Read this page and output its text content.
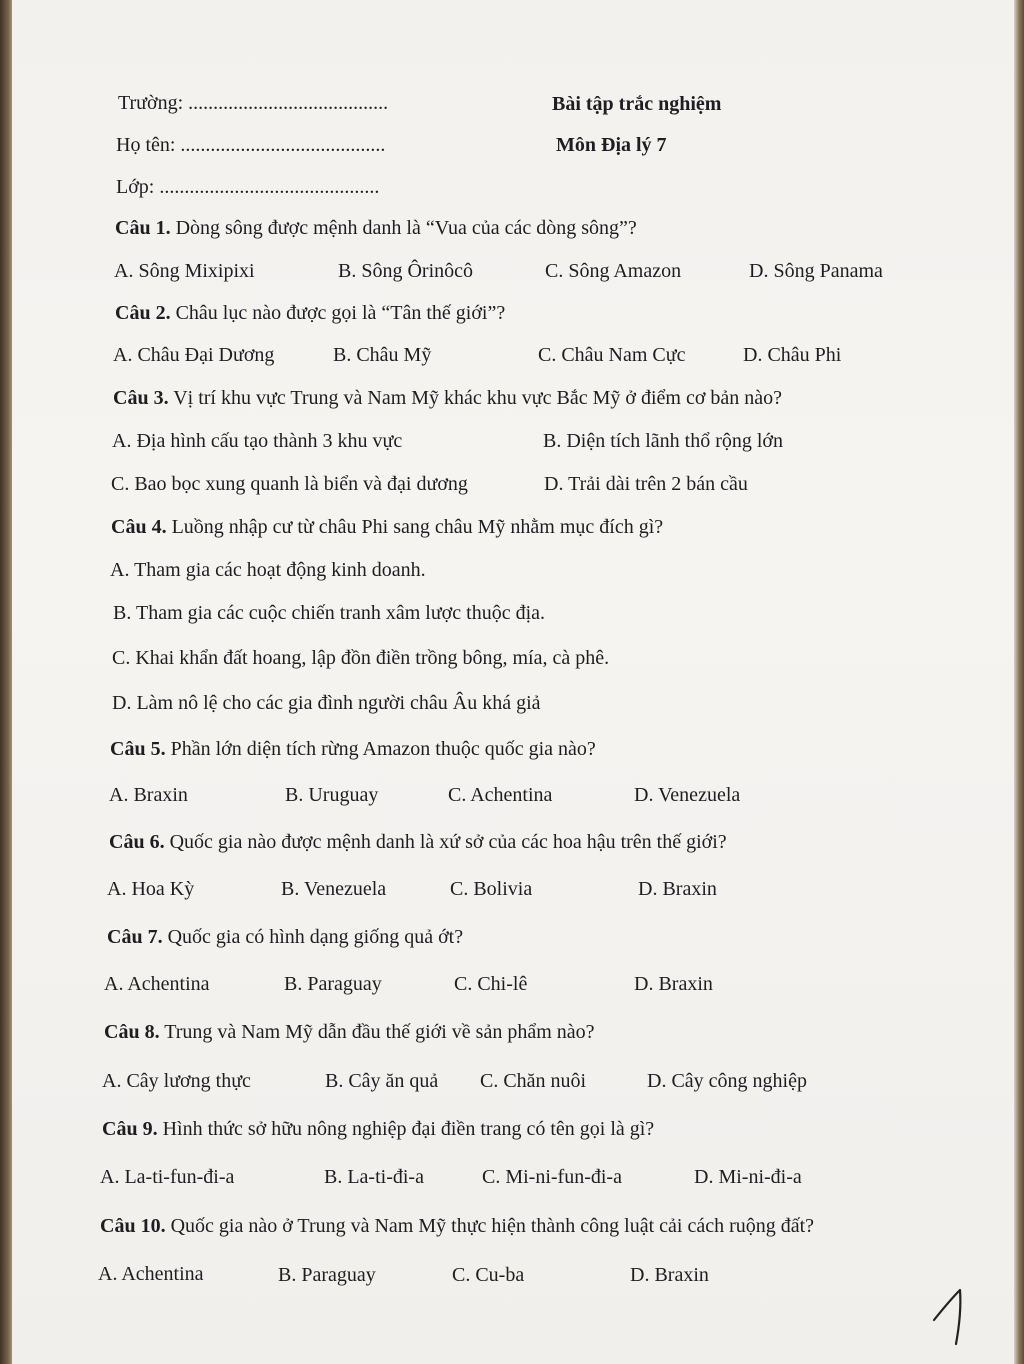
Trường: ........................................	Bài tập trắc nghiệm
Họ tên: .........................................	Môn Địa lý 7
Lớp: ............................................
Câu 1. Dòng sông được mệnh danh là “Vua của các dòng sông”?
A. Sông Mixipixi	B. Sông Ôrinôcô	C. Sông Amazon	D. Sông Panama
Câu 2. Châu lục nào được gọi là “Tân thế giới”?
A. Châu Đại Dương	B. Châu Mỹ	C. Châu Nam Cực	D. Châu Phi
Câu 3. Vị trí khu vực Trung và Nam Mỹ khác khu vực Bắc Mỹ ở điểm cơ bản nào?
A. Địa hình cấu tạo thành 3 khu vực	B. Diện tích lãnh thổ rộng lớn
C. Bao bọc xung quanh là biển và đại dương	D. Trải dài trên 2 bán cầu
Câu 4. Luồng nhập cư từ châu Phi sang châu Mỹ nhằm mục đích gì?
A. Tham gia các hoạt động kinh doanh.
B. Tham gia các cuộc chiến tranh xâm lược thuộc địa.
C. Khai khẩn đất hoang, lập đồn điền trồng bông, mía, cà phê.
D. Làm nô lệ cho các gia đình người châu Âu khá giả
Câu 5. Phần lớn diện tích rừng Amazon thuộc quốc gia nào?
A. Braxin	B. Uruguay	C. Achentina	D. Venezuela
Câu 6. Quốc gia nào được mệnh danh là xứ sở của các hoa hậu trên thế giới?
A. Hoa Kỳ	B. Venezuela	C. Bolivia	D. Braxin
Câu 7. Quốc gia có hình dạng giống quả ớt?
A. Achentina	B. Paraguay	C. Chi-lê	D. Braxin
Câu 8. Trung và Nam Mỹ dẫn đầu thế giới về sản phẩm nào?
A. Cây lương thực	B. Cây ăn quả C. Chăn nuôi	D. Cây công nghiệp
Câu 9. Hình thức sở hữu nông nghiệp đại điền trang có tên gọi là gì?
A. La-ti-fun-đi-a	B. La-ti-đi-a	C. Mi-ni-fun-đi-a	D. Mi-ni-đi-a
Câu 10. Quốc gia nào ở Trung và Nam Mỹ thực hiện thành công luật cải cách ruộng đất?
A. Achentina	B. Paraguay	C. Cu-ba	D. Braxin
